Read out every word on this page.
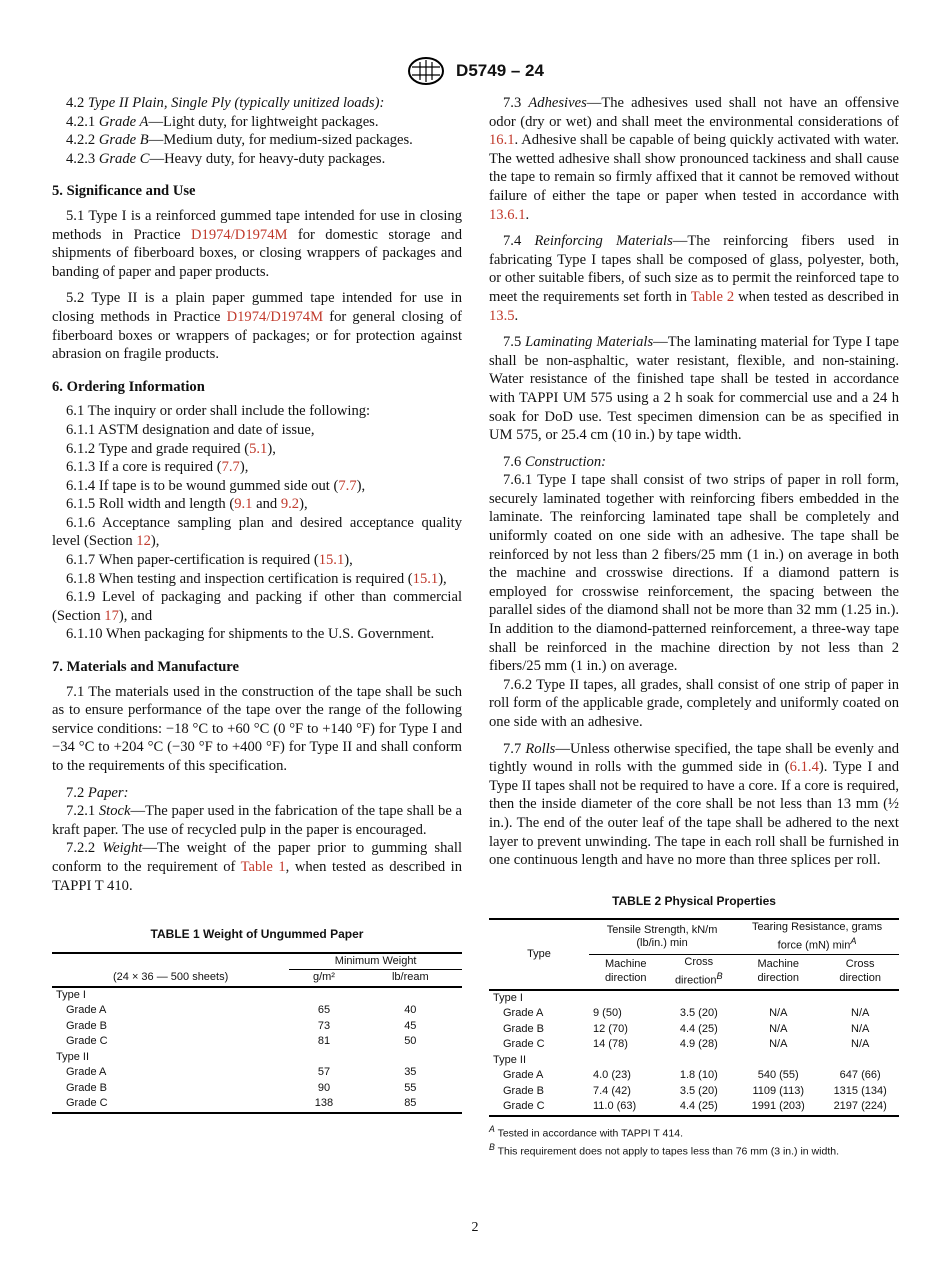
D5749 – 24

4.2 Type II Plain, Single Ply (typically unitized loads):

4.2.1 Grade A—Light duty, for lightweight packages.

4.2.2 Grade B—Medium duty, for medium-sized packages.

4.2.3 Grade C—Heavy duty, for heavy-duty packages.

5. Significance and Use

5.1 Type I is a reinforced gummed tape intended for use in closing methods in Practice D1974/D1974M for domestic storage and shipments of fiberboard boxes, or closing wrappers of packages and banding of paper and paper products.

5.2 Type II is a plain paper gummed tape intended for use in closing methods in Practice D1974/D1974M for general closing of fiberboard boxes or wrappers of packages; or for protection against abrasion on fragile products.

6. Ordering Information

6.1 The inquiry or order shall include the following:

6.1.1 ASTM designation and date of issue,

6.1.2 Type and grade required (5.1),

6.1.3 If a core is required (7.7),

6.1.4 If tape is to be wound gummed side out (7.7),

6.1.5 Roll width and length (9.1 and 9.2),

6.1.6 Acceptance sampling plan and desired acceptance quality level (Section 12),

6.1.7 When paper-certification is required (15.1),

6.1.8 When testing and inspection certification is required (15.1),

6.1.9 Level of packaging and packing if other than commercial (Section 17), and

6.1.10 When packaging for shipments to the U.S. Government.

7. Materials and Manufacture

7.1 The materials used in the construction of the tape shall be such as to ensure performance of the tape over the range of the following service conditions: −18 °C to +60 °C (0 °F to +140 °F) for Type I and −34 °C to +204 °C (−30 °F to +400 °F) for Type II and shall conform to the requirements of this specification.

7.2 Paper:

7.2.1 Stock—The paper used in the fabrication of the tape shall be a kraft paper. The use of recycled pulp in the paper is encouraged.

7.2.2 Weight—The weight of the paper prior to gumming shall conform to the requirement of Table 1, when tested as described in TAPPI T 410.

TABLE 1 Weight of Ungummed Paper

	Minimum Weight	
(24 × 36 — 500 sheets)	g/m²	lb/ream
Type I		
Grade A	65	40
Grade B	73	45
Grade C	81	50
Type II		
Grade A	57	35
Grade B	90	55
Grade C	138	85

7.3 Adhesives—The adhesives used shall not have an offensive odor (dry or wet) and shall meet the environmental considerations of 16.1. Adhesive shall be capable of being quickly activated with water. The wetted adhesive shall show pronounced tackiness and shall cause the tape to remain so firmly affixed that it cannot be removed without failure of either the tape or paper when tested in accordance with 13.6.1.

7.4 Reinforcing Materials—The reinforcing fibers used in fabricating Type I tapes shall be composed of glass, polyester, both, or other suitable fibers, of such size as to permit the reinforced tape to meet the requirements set forth in Table 2 when tested as described in 13.5.

7.5 Laminating Materials—The laminating material for Type I tape shall be non-asphaltic, water resistant, flexible, and non-staining. Water resistance of the finished tape shall be tested in accordance with TAPPI UM 575 using a 2 h soak for commercial use and a 24 h soak for DoD use. Test specimen dimension can be as specified in UM 575, or 25.4 cm (10 in.) by tape width.

7.6 Construction:

7.6.1 Type I tape shall consist of two strips of paper in roll form, securely laminated together with reinforcing fibers embedded in the laminate. The reinforcing laminated tape shall be completely and uniformly coated on one side with an adhesive. The tape shall be reinforced by not less than 2 fibers/25 mm (1 in.) on average in both the machine and crosswise directions. If a diamond pattern is employed for crosswise reinforcement, the spacing between the parallel sides of the diamond shall not be more than 32 mm (1.25 in.). In addition to the diamond-patterned reinforcement, a three-way tape shall be reinforced in the machine direction by not less than 2 fibers/25 mm (1 in.) on average.

7.6.2 Type II tapes, all grades, shall consist of one strip of paper in roll form of the applicable grade, completely and uniformly coated on one side with an adhesive.

7.7 Rolls—Unless otherwise specified, the tape shall be evenly and tightly wound in rolls with the gummed side in (6.1.4). Type I and Type II tapes shall not be required to have a core. If a core is required, then the inside diameter of the core shall be not less than 13 mm (½ in.). The end of the outer leaf of the tape shall be adhered to the next layer to prevent unwinding. The tape in each roll shall be furnished in one continuous length and have no more than three splices per roll.

TABLE 2 Physical Properties

Type	Tensile Strength, kN/m (lb/in.) min		Tearing Resistance, grams force (mN) $\min^A$
	Machine direction	Cross direction$^B$	Machine direction	Cross direction
Type I				
Grade A	9 (50)	3.5 (20)	N/A	N/A
Grade B	12 (70)	4.4 (25)	N/A	N/A
Grade C	14 (78)	4.9 (28)	N/A	N/A
Type II				
Grade A	4.0 (23)	1.8 (10)	540 (55)	647 (66)
Grade B	7.4 (42)	3.5 (20)	1109 (113)	1315 (134)
Grade C	11.0 (63)	4.4 (25)	1991 (203)	2197 (224)

$^A$ Tested in accordance with TAPPI T 414.

$^B$ This requirement does not apply to tapes less than 76 mm (3 in.) in width.

2
